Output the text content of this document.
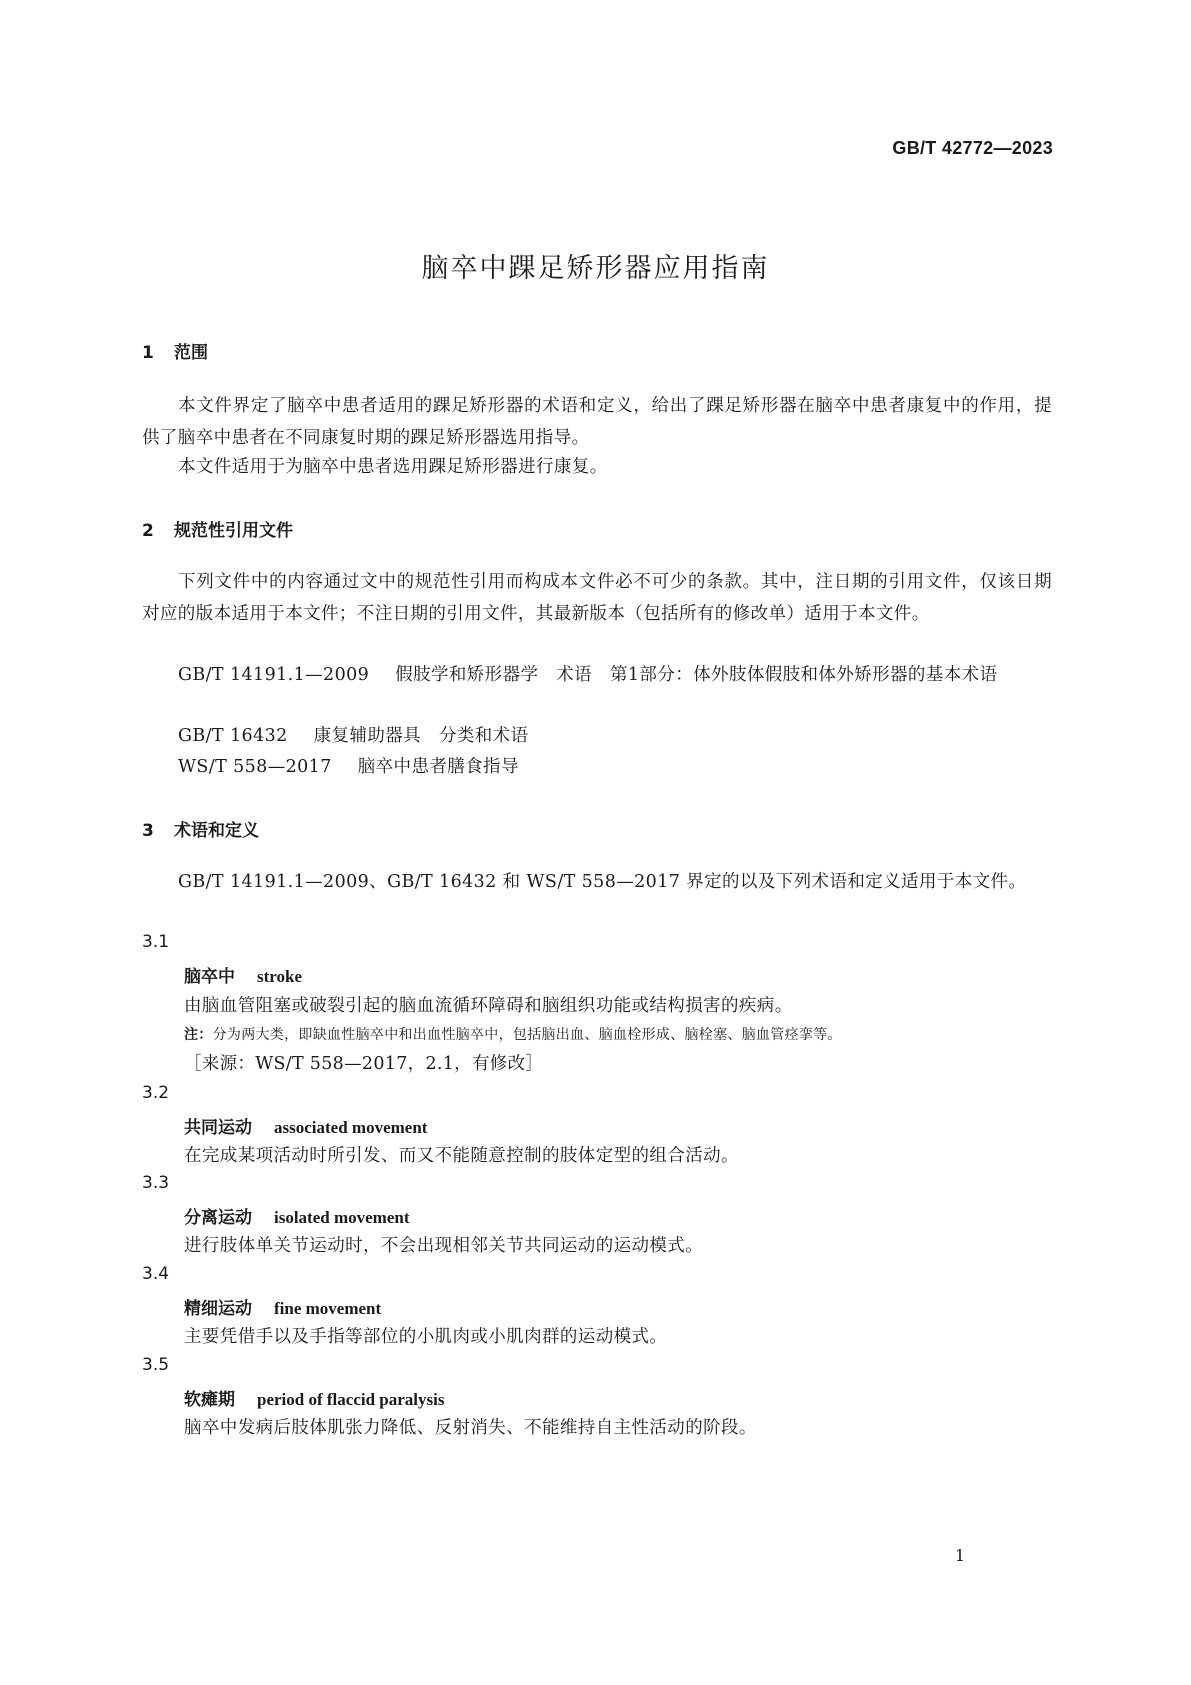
GB/T 42772—2023
脑卒中踝足矫形器应用指南
1 范围
本文件界定了脑卒中患者适用的踝足矫形器的术语和定义，给出了踝足矫形器在脑卒中患者康复中的作用，提供了脑卒中患者在不同康复时期的踝足矫形器选用指导。
本文件适用于为脑卒中患者选用踝足矫形器进行康复。
2 规范性引用文件
下列文件中的内容通过文中的规范性引用而构成本文件必不可少的条款。其中，注日期的引用文件，仅该日期对应的版本适用于本文件；不注日期的引用文件，其最新版本（包括所有的修改单）适用于本文件。
GB/T 14191.1—2009 假肢学和矫形器学　术语　第1部分：体外肢体假肢和体外矫形器的基本术语
GB/T 16432 康复辅助器具　分类和术语
WS/T 558—2017 脑卒中患者膳食指导
3 术语和定义
GB/T 14191.1—2009、GB/T 16432 和 WS/T 558—2017 界定的以及下列术语和定义适用于本文件。
3.1
脑卒中 stroke
由脑血管阻塞或破裂引起的脑血流循环障碍和脑组织功能或结构损害的疾病。
注：分为两大类，即缺血性脑卒中和出血性脑卒中，包括脑出血、脑血栓形成、脑栓塞、脑血管痉挛等。
［来源：WS/T 558—2017，2.1，有修改］
3.2
共同运动 associated movement
在完成某项活动时所引发、而又不能随意控制的肢体定型的组合活动。
3.3
分离运动 isolated movement
进行肢体单关节运动时，不会出现相邻关节共同运动的运动模式。
3.4
精细运动 fine movement
主要凭借手以及手指等部位的小肌肉或小肌肉群的运动模式。
3.5
软瘫期 period of flaccid paralysis
脑卒中发病后肢体肌张力降低、反射消失、不能维持自主性活动的阶段。
1
